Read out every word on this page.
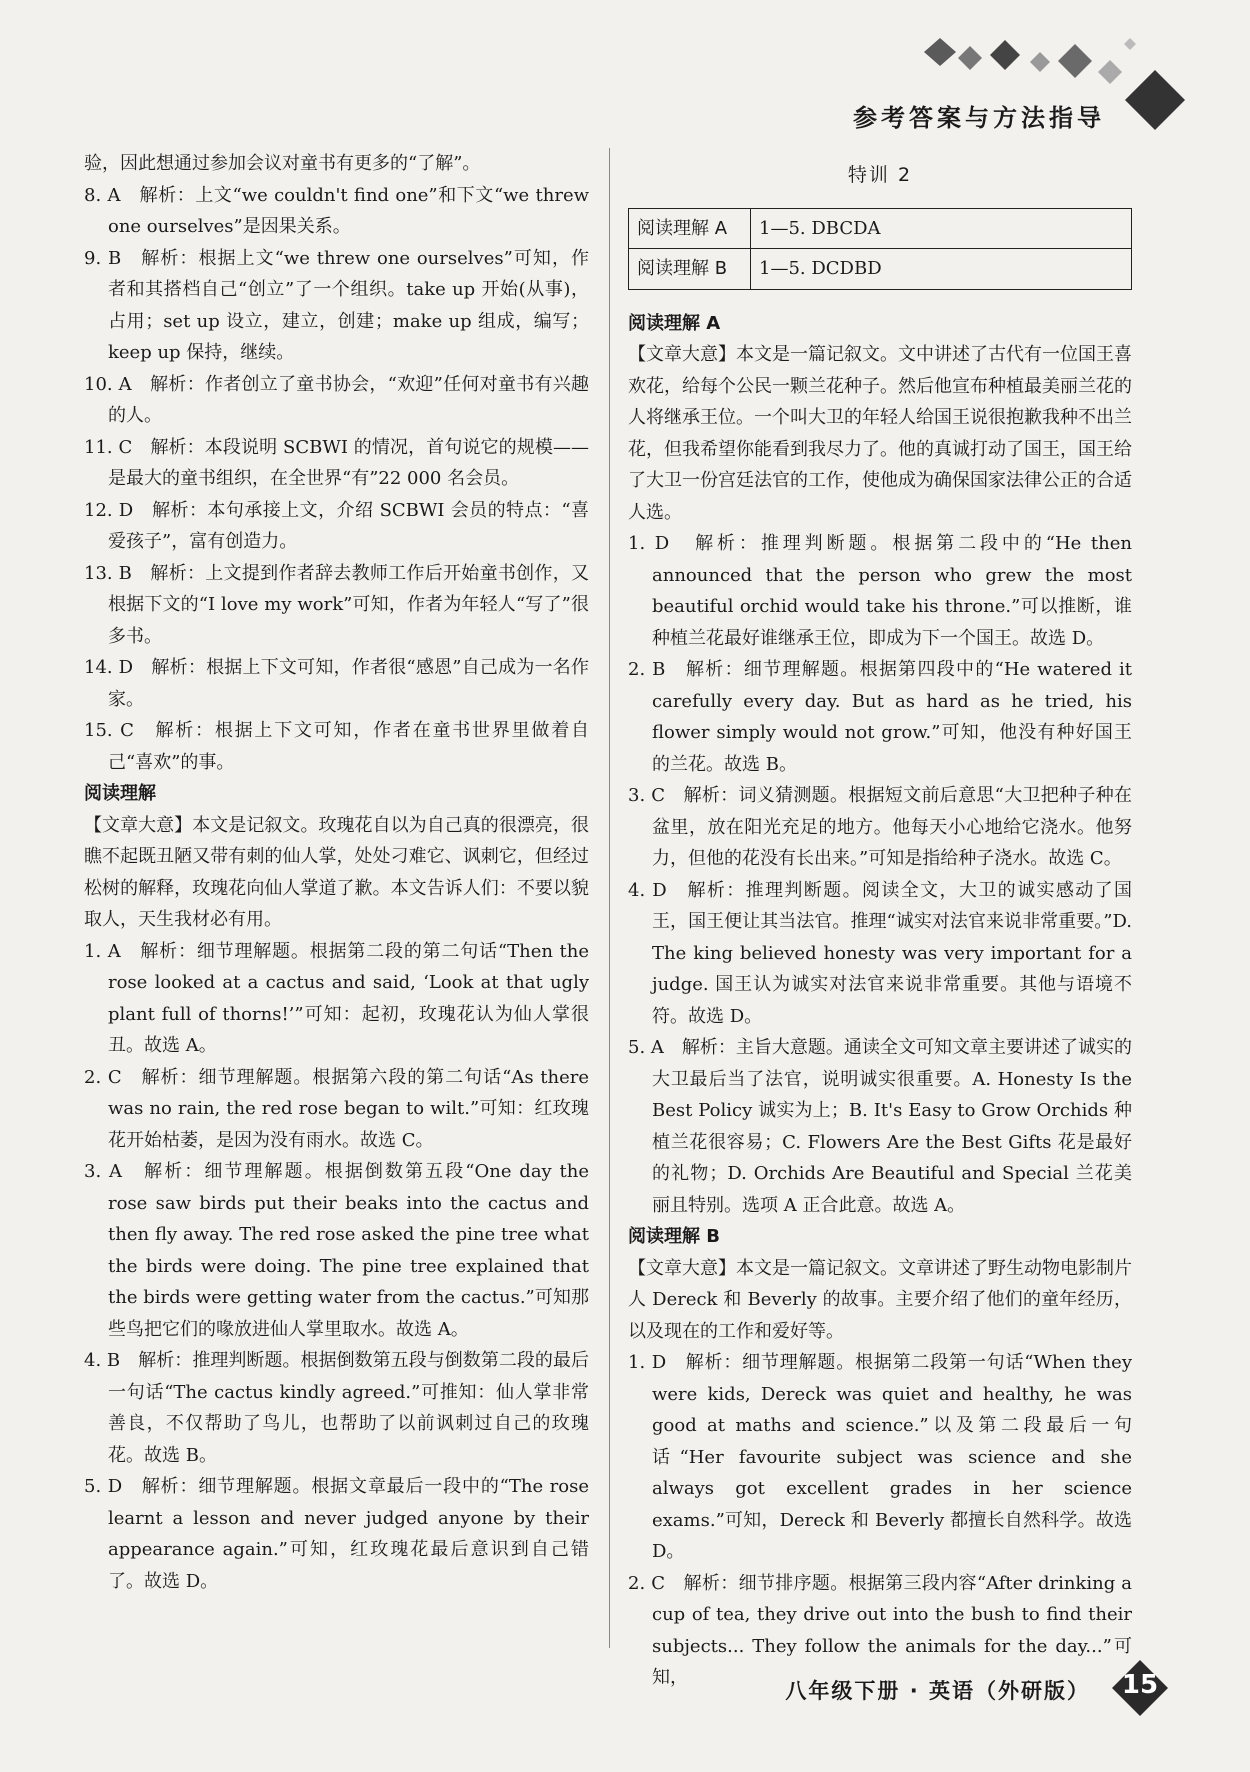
参考答案与方法指导

验，因此想通过参加会议对童书有更多的“了解”。

8. A　解析：上文“we couldn't find one”和下文“we threw one ourselves”是因果关系。

9. B　解析：根据上文“we threw one ourselves”可知，作者和其搭档自己“创立”了一个组织。take up 开始(从事)，占用；set up 设立，建立，创建；make up 组成，编写；keep up 保持，继续。

10. A　解析：作者创立了童书协会，“欢迎”任何对童书有兴趣的人。

11. C　解析：本段说明 SCBWI 的情况，首句说它的规模——是最大的童书组织，在全世界“有”22 000 名会员。

12. D　解析：本句承接上文，介绍 SCBWI 会员的特点：“喜爱孩子”，富有创造力。

13. B　解析：上文提到作者辞去教师工作后开始童书创作，又根据下文的“I love my work”可知，作者为年轻人“写了”很多书。

14. D　解析：根据上下文可知，作者很“感恩”自己成为一名作家。

15. C　解析：根据上下文可知，作者在童书世界里做着自己“喜欢”的事。

阅读理解

【文章大意】本文是记叙文。玫瑰花自以为自己真的很漂亮，很瞧不起既丑陋又带有刺的仙人掌，处处刁难它、讽刺它，但经过松树的解释，玫瑰花向仙人掌道了歉。本文告诉人们：不要以貌取人，天生我材必有用。

1. A　解析：细节理解题。根据第二段的第二句话“Then the rose looked at a cactus and said, ‘Look at that ugly plant full of thorns!’”可知：起初，玫瑰花认为仙人掌很丑。故选 A。

2. C　解析：细节理解题。根据第六段的第二句话“As there was no rain, the red rose began to wilt.”可知：红玫瑰花开始枯萎，是因为没有雨水。故选 C。

3. A　解析：细节理解题。根据倒数第五段“One day the rose saw birds put their beaks into the cactus and then fly away. The red rose asked the pine tree what the birds were doing. The pine tree explained that the birds were getting water from the cactus.”可知那些鸟把它们的喙放进仙人掌里取水。故选 A。

4. B　解析：推理判断题。根据倒数第五段与倒数第二段的最后一句话“The cactus kindly agreed.”可推知：仙人掌非常善良，不仅帮助了鸟儿，也帮助了以前讽刺过自己的玫瑰花。故选 B。

5. D　解析：细节理解题。根据文章最后一段中的“The rose learnt a lesson and never judged anyone by their appearance again.”可知，红玫瑰花最后意识到自己错了。故选 D。

特训 2

阅读理解 A	1—5. DBCDA
阅读理解 B	1—5. DCDBD

阅读理解 A

【文章大意】本文是一篇记叙文。文中讲述了古代有一位国王喜欢花，给每个公民一颗兰花种子。然后他宣布种植最美丽兰花的人将继承王位。一个叫大卫的年轻人给国王说很抱歉我种不出兰花，但我希望你能看到我尽力了。他的真诚打动了国王，国王给了大卫一份宫廷法官的工作，使他成为确保国家法律公正的合适人选。

1. D　解析：推理判断题。根据第二段中的“He then announced that the person who grew the most beautiful orchid would take his throne.”可以推断，谁种植兰花最好谁继承王位，即成为下一个国王。故选 D。

2. B　解析：细节理解题。根据第四段中的“He watered it carefully every day. But as hard as he tried, his flower simply would not grow.”可知，他没有种好国王的兰花。故选 B。

3. C　解析：词义猜测题。根据短文前后意思“大卫把种子种在盆里，放在阳光充足的地方。他每天小心地给它浇水。他努力，但他的花没有长出来。”可知是指给种子浇水。故选 C。

4. D　解析：推理判断题。阅读全文，大卫的诚实感动了国王，国王便让其当法官。推理“诚实对法官来说非常重要。”D. The king believed honesty was very important for a judge. 国王认为诚实对法官来说非常重要。其他与语境不符。故选 D。

5. A　解析：主旨大意题。通读全文可知文章主要讲述了诚实的大卫最后当了法官，说明诚实很重要。A. Honesty Is the Best Policy 诚实为上；B. It's Easy to Grow Orchids 种植兰花很容易；C. Flowers Are the Best Gifts 花是最好的礼物；D. Orchids Are Beautiful and Special 兰花美丽且特别。选项 A 正合此意。故选 A。

阅读理解 B

【文章大意】本文是一篇记叙文。文章讲述了野生动物电影制片人 Dereck 和 Beverly 的故事。主要介绍了他们的童年经历，以及现在的工作和爱好等。

1. D　解析：细节理解题。根据第二段第一句话“When they were kids, Dereck was quiet and healthy, he was good at maths and science.”以及第二段最后一句话“Her favourite subject was science and she always got excellent grades in her science exams.”可知，Dereck 和 Beverly 都擅长自然科学。故选 D。

2. C　解析：细节排序题。根据第三段内容“After drinking a cup of tea, they drive out into the bush to find their subjects... They follow the animals for the day...”可知，

八年级下册 · 英语（外研版） 15
